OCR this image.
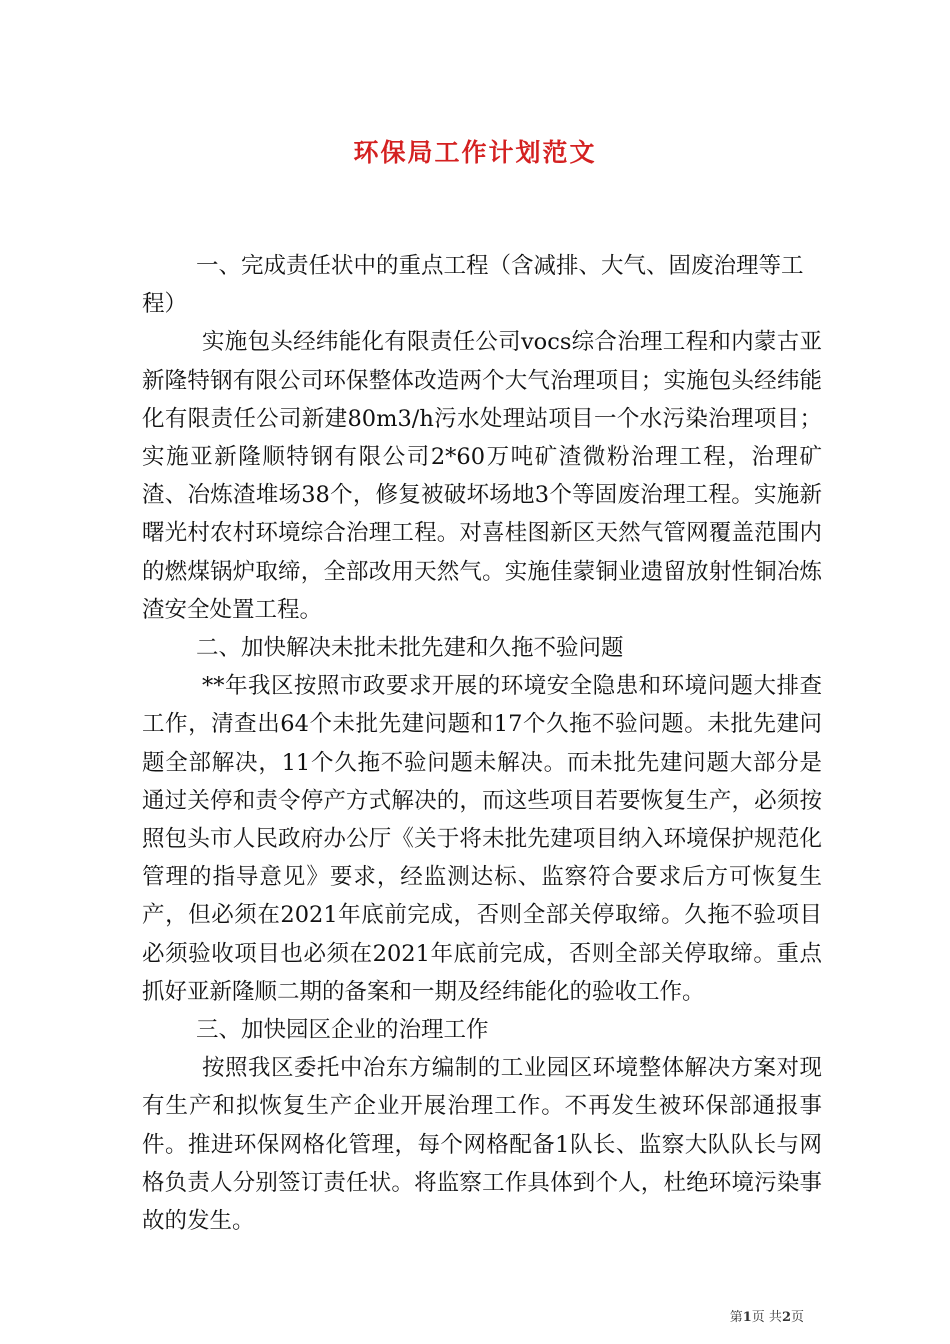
环保局工作计划范文

一、完成责任状中的重点工程（含减排、大气、固废治理等工程）

实施包头经纬能化有限责任公司vocs综合治理工程和内蒙古亚新隆特钢有限公司环保整体改造两个大气治理项目；实施包头经纬能化有限责任公司新建80m3/h污水处理站项目一个水污染治理项目；实施亚新隆顺特钢有限公司2*60万吨矿渣微粉治理工程，治理矿渣、冶炼渣堆场38个，修复被破坏场地3个等固废治理工程。实施新曙光村农村环境综合治理工程。对喜桂图新区天然气管网覆盖范围内的燃煤锅炉取缔，全部改用天然气。实施佳蒙铜业遗留放射性铜冶炼渣安全处置工程。

二、加快解决未批未批先建和久拖不验问题

**年我区按照市政要求开展的环境安全隐患和环境问题大排查工作，清查出64个未批先建问题和17个久拖不验问题。未批先建问题全部解决，11个久拖不验问题未解决。而未批先建问题大部分是通过关停和责令停产方式解决的，而这些项目若要恢复生产，必须按照包头市人民政府办公厅《关于将未批先建项目纳入环境保护规范化管理的指导意见》要求，经监测达标、监察符合要求后方可恢复生产，但必须在2021年底前完成，否则全部关停取缔。久拖不验项目必须验收项目也必须在2021年底前完成，否则全部关停取缔。重点抓好亚新隆顺二期的备案和一期及经纬能化的验收工作。

三、加快园区企业的治理工作

按照我区委托中冶东方编制的工业园区环境整体解决方案对现有生产和拟恢复生产企业开展治理工作。不再发生被环保部通报事件。推进环保网格化管理，每个网格配备1队长、监察大队队长与网格负责人分别签订责任状。将监察工作具体到个人，杜绝环境污染事故的发生。

第1页 共2页
